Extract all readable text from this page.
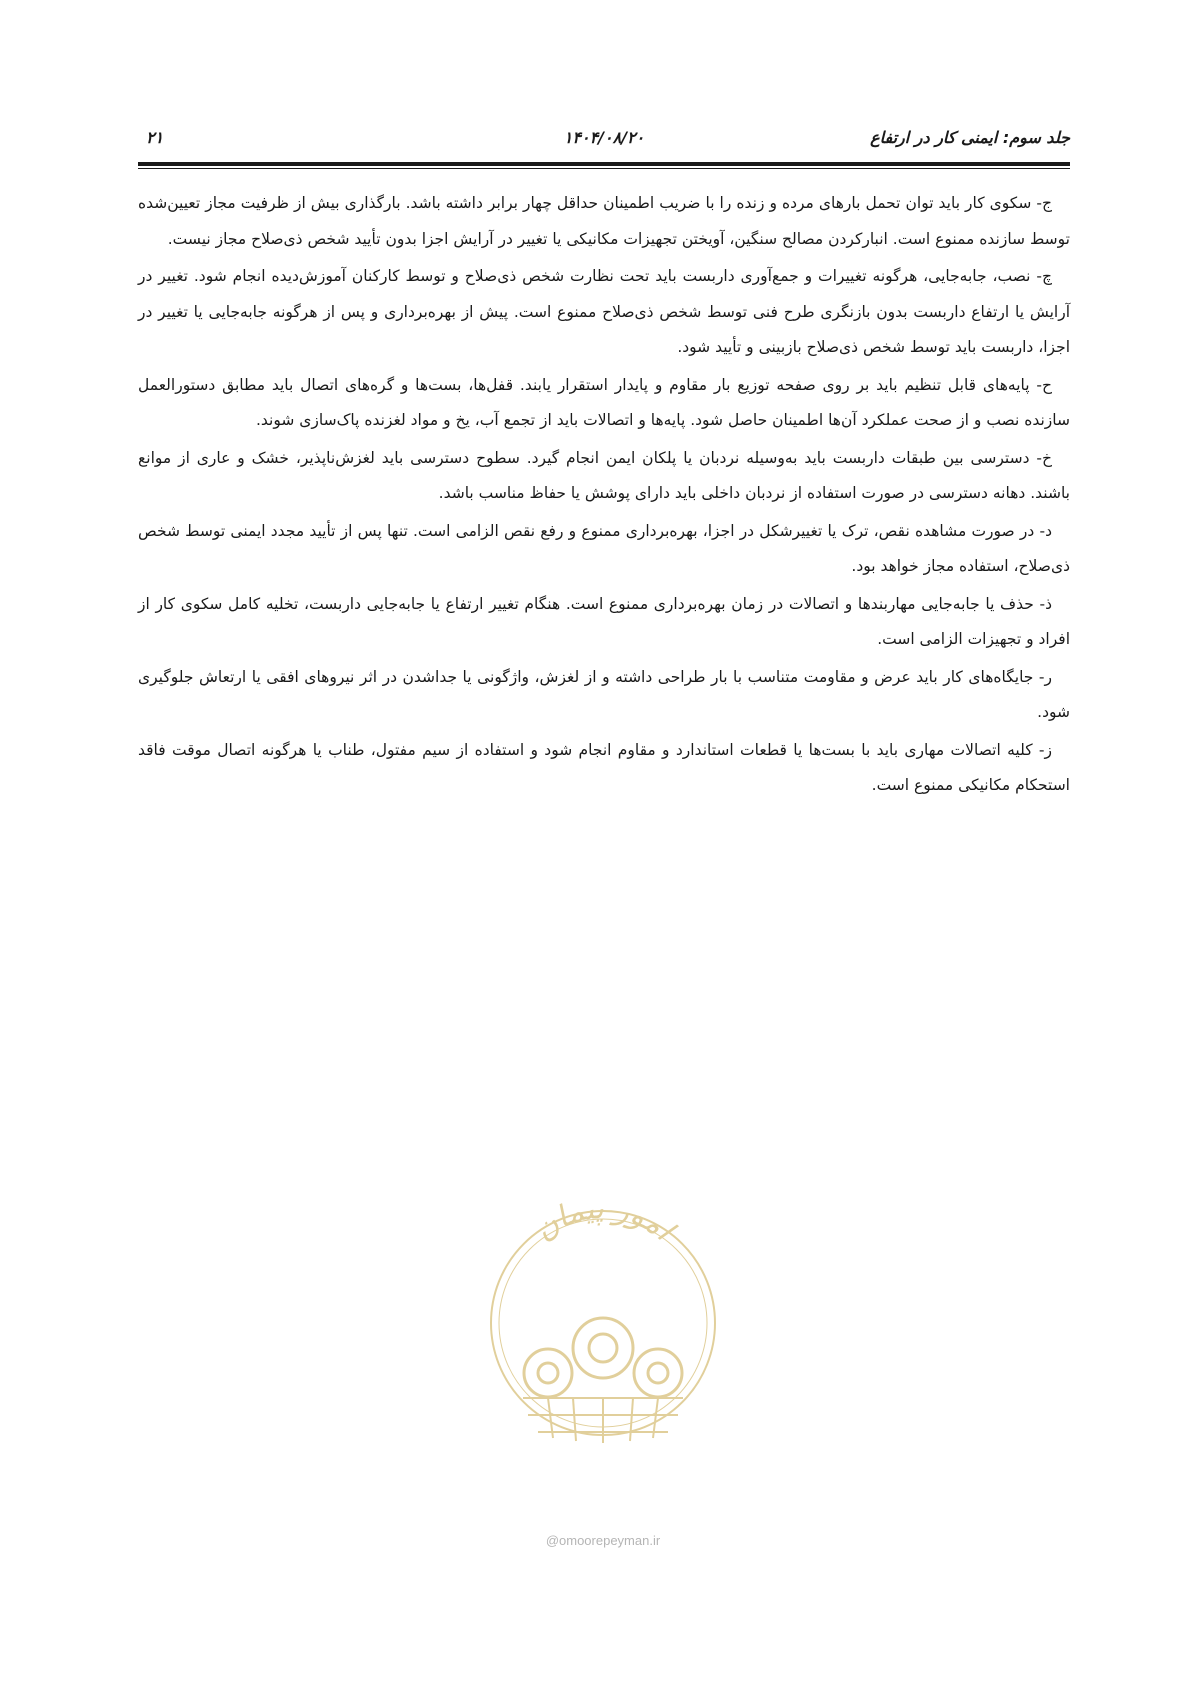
جلد سوم: ایمنی کار در ارتفاع
۱۴۰۴/۰۸/۲۰
۲۱

ج- سکوی کار باید توان تحمل بارهای مرده و زنده را با ضریب اطمینان حداقل چهار برابر داشته باشد. بارگذاری بیش از ظرفیت مجاز تعیین‌شده توسط سازنده ممنوع است. انبارکردن مصالح سنگین، آویختن تجهیزات مکانیکی یا تغییر در آرایش اجزا بدون تأیید شخص ذی‌صلاح مجاز نیست.

چ- نصب، جابه‌جایی، هرگونه تغییرات و جمع‌آوری داربست باید تحت نظارت شخص ذی‌صلاح و توسط کارکنان آموزش‌دیده انجام شود. تغییر در آرایش یا ارتفاع داربست بدون بازنگری طرح فنی توسط شخص ذی‌صلاح ممنوع است. پیش از بهره‌برداری و پس از هرگونه جابه‌جایی یا تغییر در اجزا، داربست باید توسط شخص ذی‌صلاح بازبینی و تأیید شود.

ح- پایه‌های قابل تنظیم باید بر روی صفحه توزیع بار مقاوم و پایدار استقرار یابند. قفل‌ها، بست‌ها و گره‌های اتصال باید مطابق دستورالعمل سازنده نصب و از صحت عملکرد آن‌ها اطمینان حاصل شود. پایه‌ها و اتصالات باید از تجمع آب، یخ و مواد لغزنده پاک‌سازی شوند.

خ- دسترسی بین طبقات داربست باید به‌وسیله نردبان یا پلکان ایمن انجام گیرد. سطوح دسترسی باید لغزش‌ناپذیر، خشک و عاری از موانع باشند. دهانه دسترسی در صورت استفاده از نردبان داخلی باید دارای پوشش یا حفاظ مناسب باشد.

د- در صورت مشاهده نقص، ترک یا تغییرشکل در اجزا، بهره‌برداری ممنوع و رفع نقص الزامی است. تنها پس از تأیید مجدد ایمنی توسط شخص ذی‌صلاح، استفاده مجاز خواهد بود.

ذ- حذف یا جابه‌جایی مهاربندها و اتصالات در زمان بهره‌برداری ممنوع است. هنگام تغییر ارتفاع یا جابه‌جایی داربست، تخلیه کامل سکوی کار از افراد و تجهیزات الزامی است.

ر- جایگاه‌های کار باید عرض و مقاومت متناسب با بار طراحی داشته و از لغزش، واژگونی یا جداشدن در اثر نیروهای افقی یا ارتعاش جلوگیری شود.

ز- کلیه اتصالات مهاری باید با بست‌ها یا قطعات استاندارد و مقاوم انجام شود و استفاده از سیم مفتول، طناب یا هرگونه اتصال موقت فاقد استحکام مکانیکی ممنوع است.

امور پیمان
@omoorepeyman.ir
